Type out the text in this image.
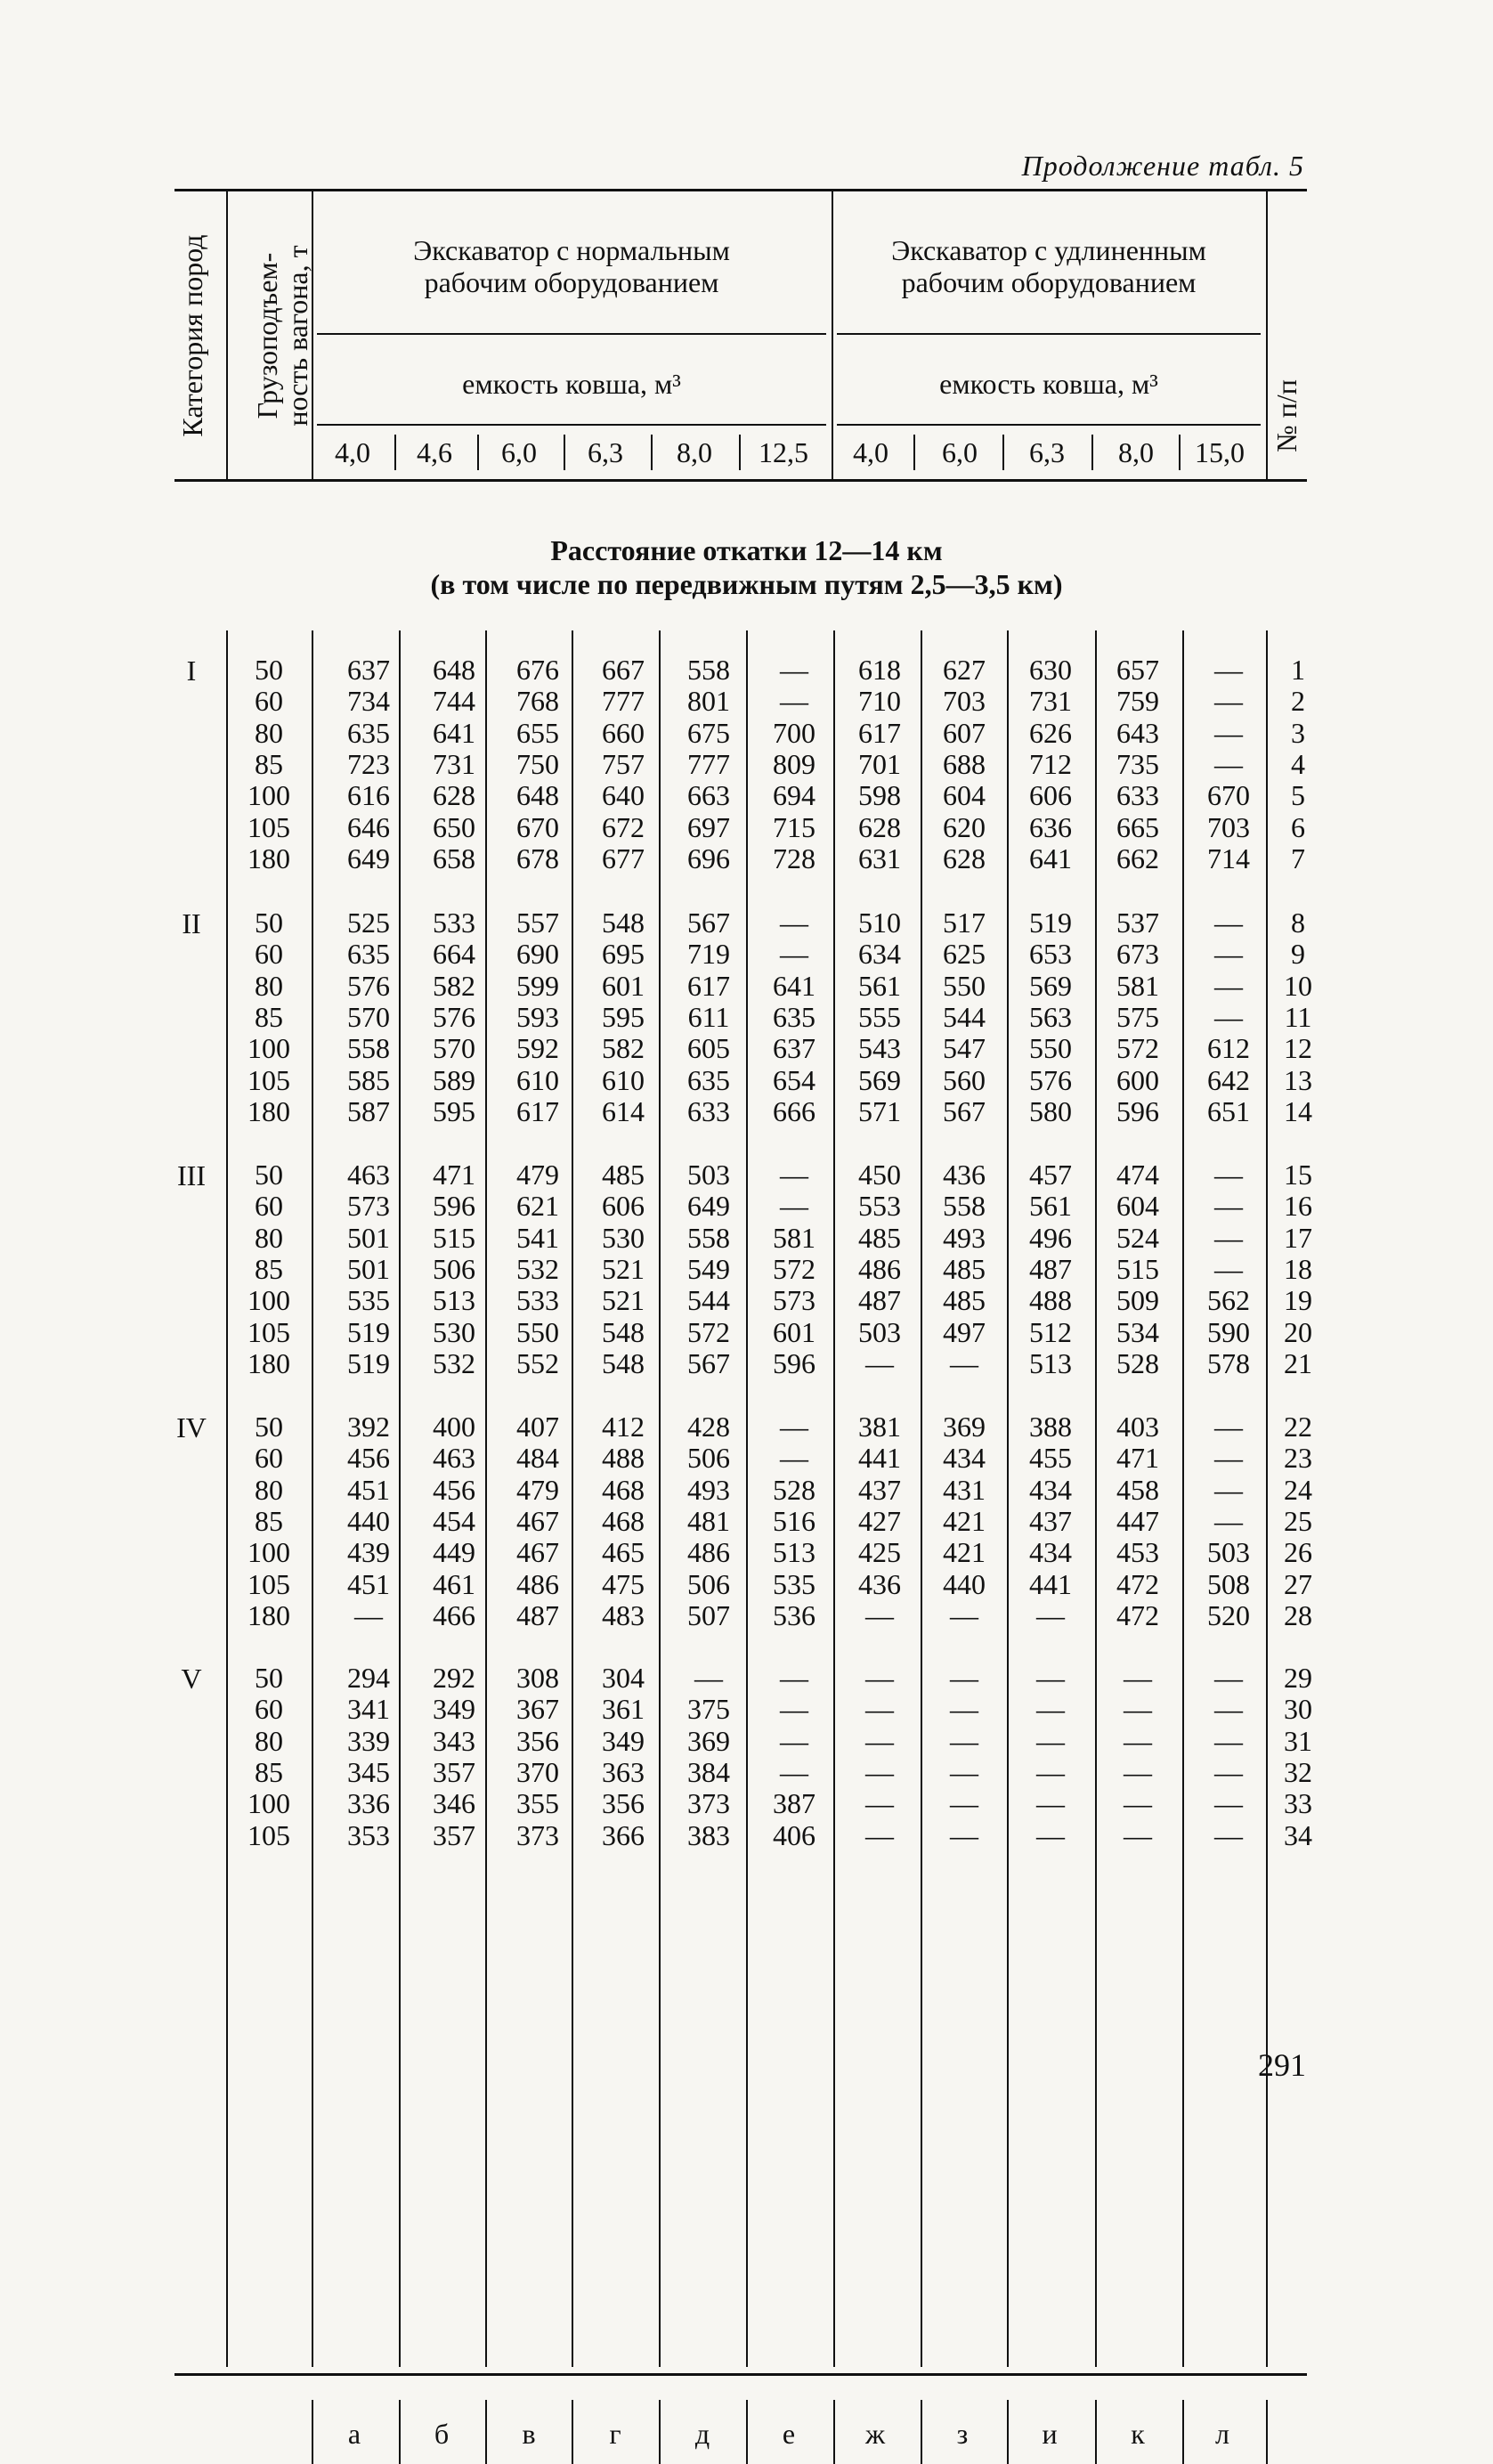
Продолжение табл. 5
Категория пород Грузоподъем-
ность вагона, т	№ п/п
Экскаватор с нормальным
рабочим оборудованием
Экскаватор с удлиненным
рабочим оборудованием
емкость ковша, м³	емкость ковша, м³
4,0	4,6	6,0	6,3	8,0	12,5	4,0	6,0	6,3	8,0	15,0
Расстояние откатки 12—14 км
(в том числе по передвижным путям 2,5—3,5 км)
I	50	637	648	676	667	558	—	618	627	630	657	—	1
60	734	744	768	777	801	—	710	703	731	759	—	2
80	635	641	655	660	675	700	617	607	626	643	—	3
85	723	731	750	757	777	809	701	688	712	735	—	4
100	616	628	648	640	663	694	598	604	606	633	670	5
105	646	650	670	672	697	715	628	620	636	665	703	6
180	649	658	678	677	696	728	631	628	641	662	714	7
II	50	525	533	557	548	567	—	510	517	519	537	—	8
60	635	664	690	695	719	—	634	625	653	673	—	9
80	576	582	599	601	617	641	561	550	569	581	—	10
85	570	576	593	595	611	635	555	544	563	575	—	11
100	558	570	592	582	605	637	543	547	550	572	612	12
105	585	589	610	610	635	654	569	560	576	600	642	13
180	587	595	617	614	633	666	571	567	580	596	651	14
III	50	463	471	479	485	503	—	450	436	457	474	—	15
60	573	596	621	606	649	—	553	558	561	604	—	16
80	501	515	541	530	558	581	485	493	496	524	—	17
85	501	506	532	521	549	572	486	485	487	515	—	18
100	535	513	533	521	544	573	487	485	488	509	562	19
105	519	530	550	548	572	601	503	497	512	534	590	20
180	519	532	552	548	567	596	—	—	513	528	578	21
IV	50	392	400	407	412	428	—	381	369	388	403	—	22
60	456	463	484	488	506	—	441	434	455	471	—	23
80	451	456	479	468	493	528	437	431	434	458	—	24
85	440	454	467	468	481	516	427	421	437	447	—	25
100	439	449	467	465	486	513	425	421	434	453	503	26
105	451	461	486	475	506	535	436	440	441	472	508	27
180	—	466	487	483	507	536	—	—	—	472	520	28
V	50	294	292	308	304	—	—	—	—	—	—	—	29
60	341	349	367	361	375	—	—	—	—	—	—	30
80	339	343	356	349	369	—	—	—	—	—	—	31
85	345	357	370	363	384	—	—	—	—	—	—	32
100	336	346	355	356	373	387	—	—	—	—	—	33
105	353	357	373	366	383	406	—	—	—	—	—	34
а	б	в	г	д	е	ж	з	и	к	л
291
